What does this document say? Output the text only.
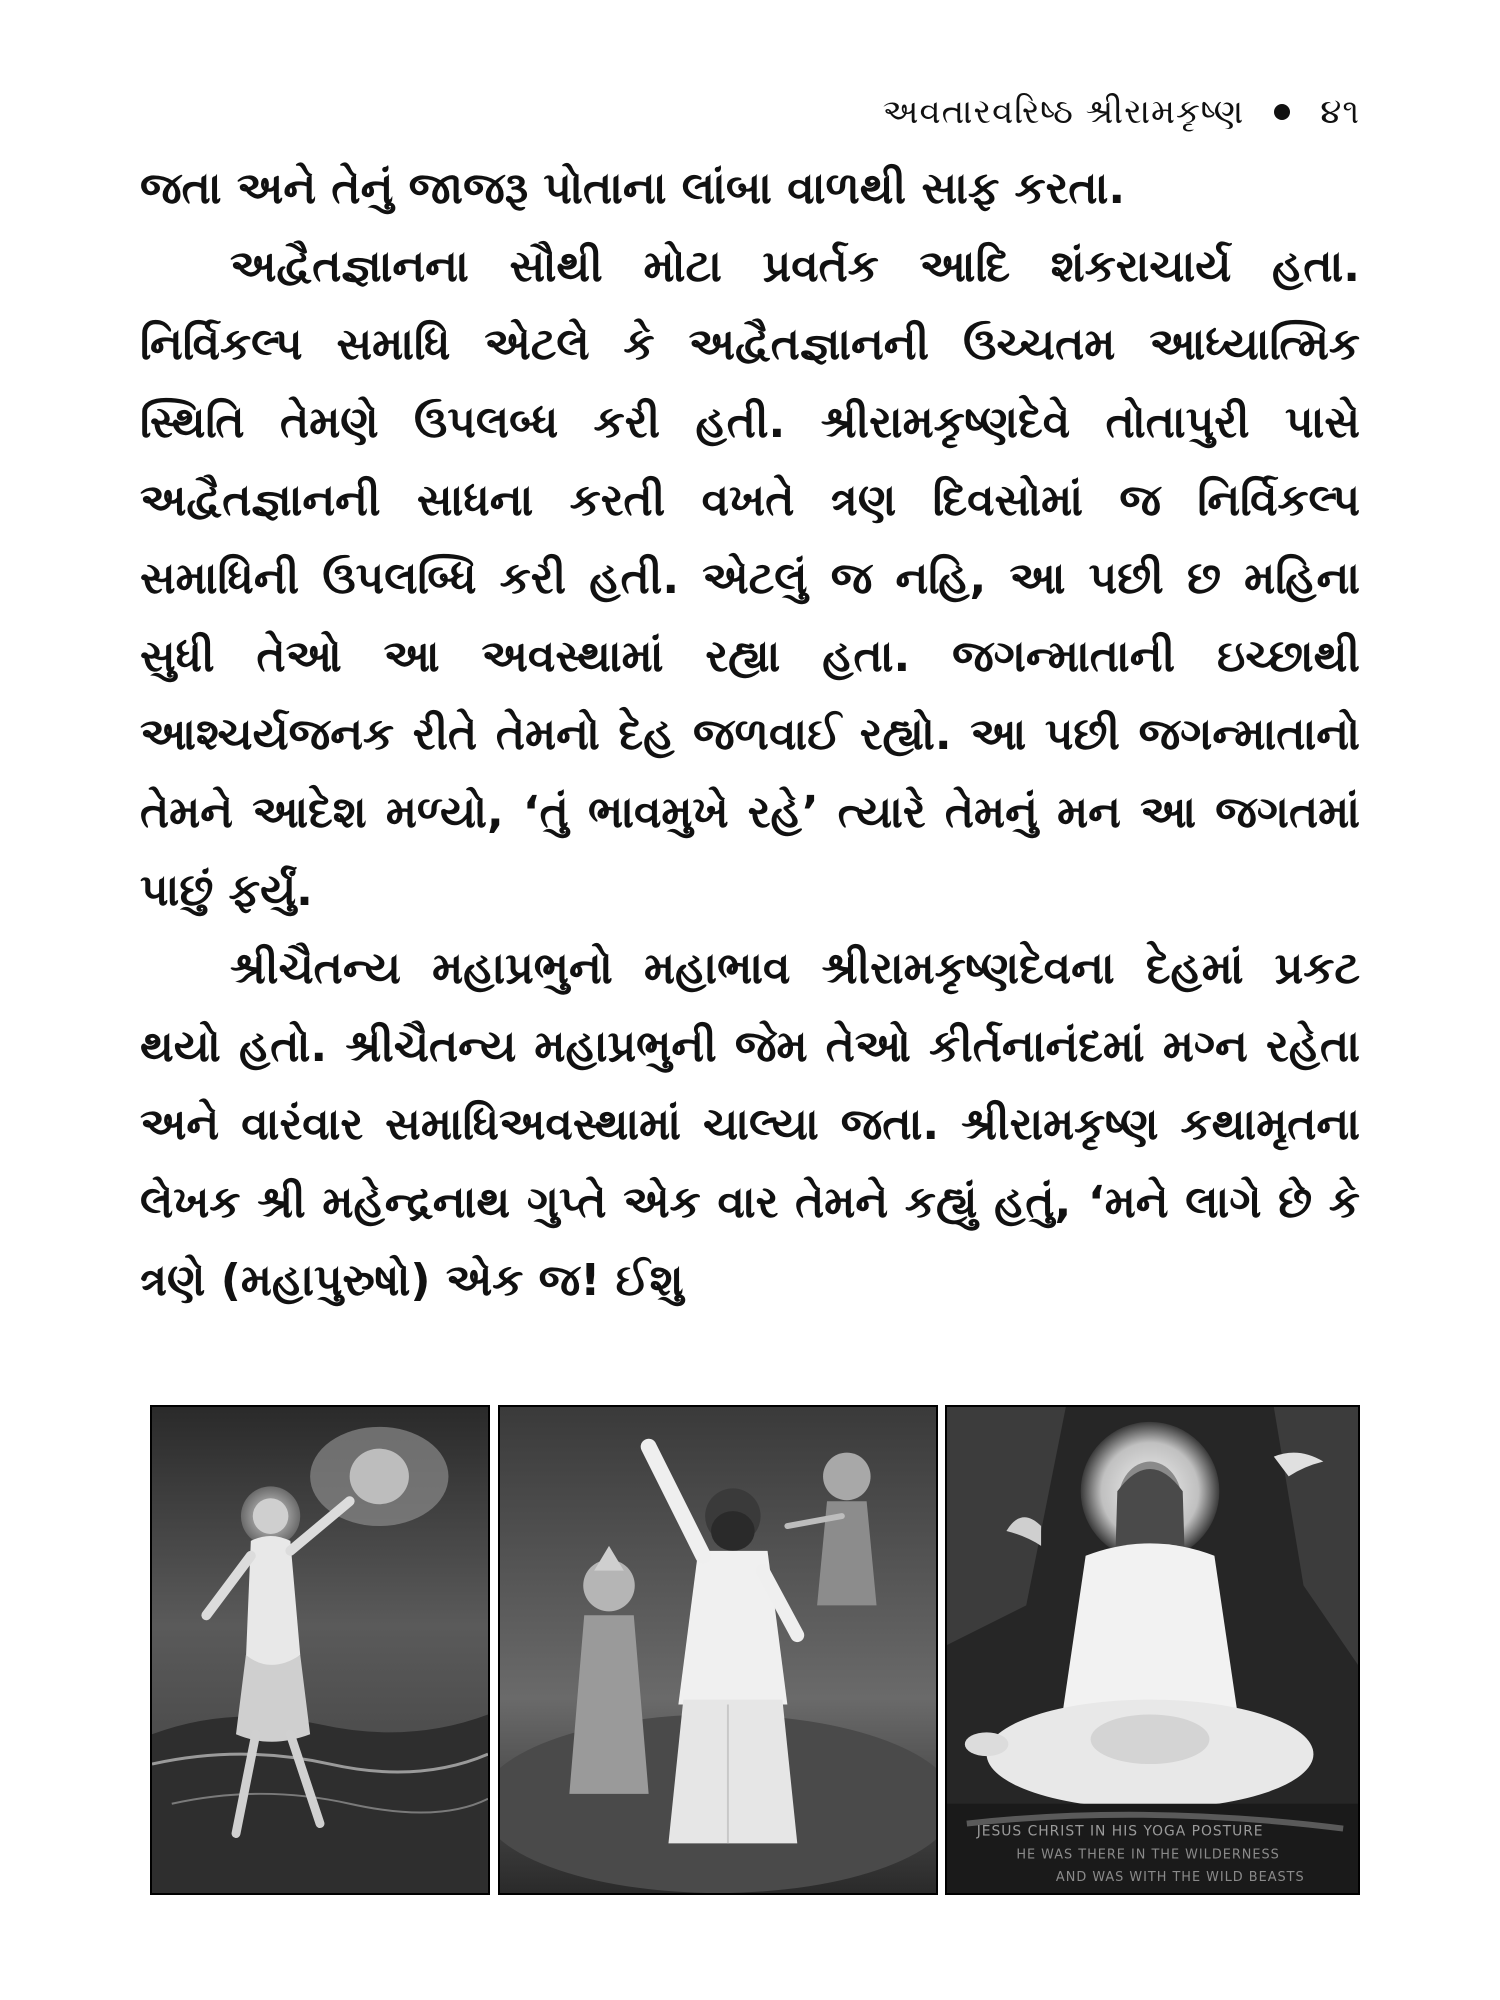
અવતારવરિષ્ઠ શ્રીરામકૃષ્ણ ૪૧

જતા અને તેનું જાજરૂ પોતાના લાંબા વાળથી સાફ કરતા.

અદ્વૈતજ્ઞાનના સૌથી મોટા પ્રવર્તક આદિ શંકરાચાર્ય હતા. નિર્વિકલ્પ સમાધિ એટલે કે અદ્વૈતજ્ઞાનની ઉચ્ચતમ આધ્યાત્મિક સ્થિતિ તેમણે ઉપલબ્ધ કરી હતી. શ્રીરામકૃષ્ણદેવે તોતાપુરી પાસે અદ્વૈતજ્ઞાનની સાધના કરતી વખતે ત્રણ દિવસોમાં જ નિર્વિકલ્પ સમાધિની ઉપલબ્ધિ કરી હતી. એટલું જ નહિ, આ પછી છ મહિના સુધી તેઓ આ અવસ્થામાં રહ્યા હતા. જગન્માતાની ઇચ્છાથી આશ્ચર્યજનક રીતે તેમનો દેહ જળવાઈ રહ્યો. આ પછી જગન્માતાનો તેમને આદેશ મળ્યો, ‘તું ભાવમુખે રહે’ ત્યારે તેમનું મન આ જગતમાં પાછું ફર્યું.

શ્રીચૈતન્ય મહાપ્રભુનો મહાભાવ શ્રીરામકૃષ્ણદેવના દેહમાં પ્રકટ થયો હતો. શ્રીચૈતન્ય મહાપ્રભુની જેમ તેઓ કીર્તનાનંદમાં મગ્ન રહેતા અને વારંવાર સમાધિઅવસ્થામાં ચાલ્યા જતા. શ્રીરામકૃષ્ણ કથામૃતના લેખક શ્રી મહેન્દ્રનાથ ગુપ્તે એક વાર તેમને કહ્યું હતું, ‘મને લાગે છે કે ત્રણે (મહાપુરુષો) એક જ! ઈશુ

JESUS CHRIST IN HIS YOGA POSTURE
HE WAS THERE IN THE WILDERNESS
AND WAS WITH THE WILD BEASTS
